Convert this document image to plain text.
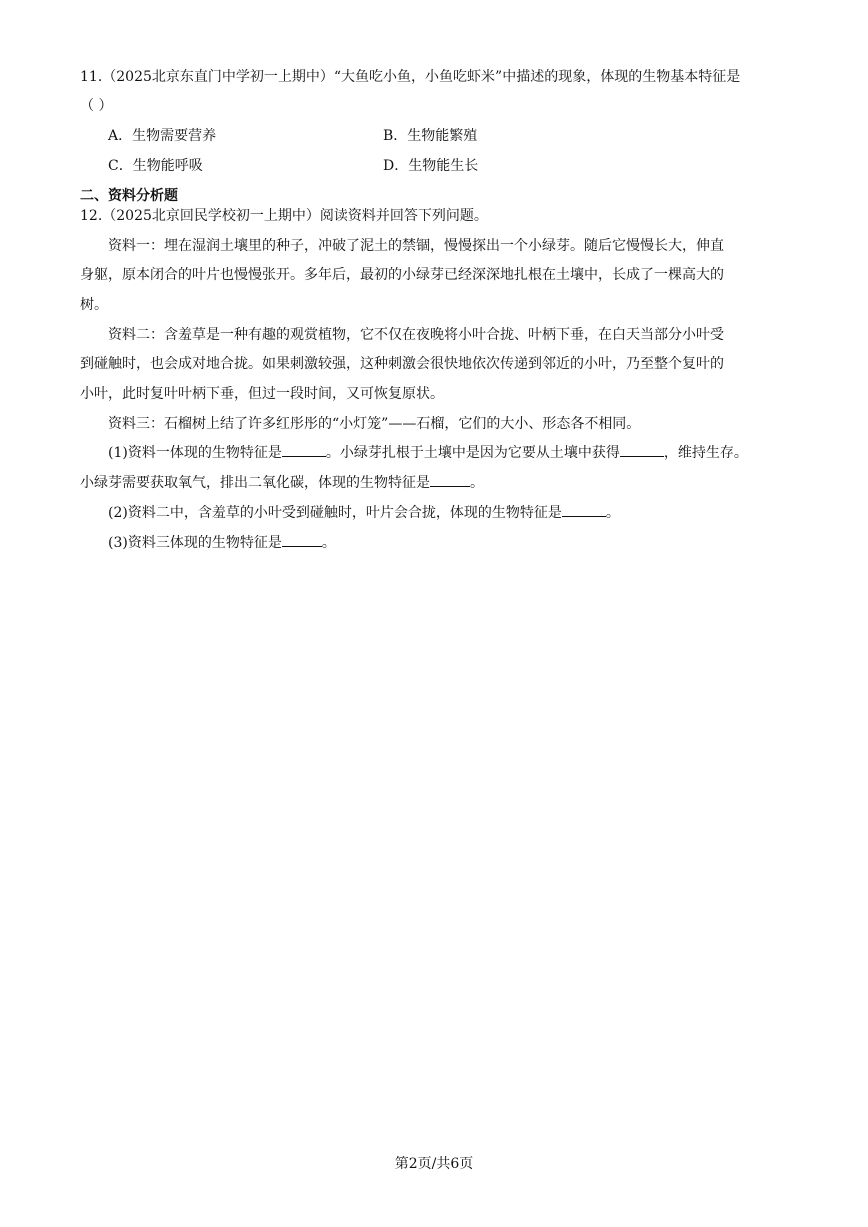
11.（2025北京东直门中学初一上期中）“大鱼吃小鱼，小鱼吃虾米”中描述的现象，体现的生物基本特征是
（ ）
A．生物需要营养	B．生物能繁殖
C．生物能呼吸	D．生物能生长
二、资料分析题
12.（2025北京回民学校初一上期中）阅读资料并回答下列问题。
资料一：埋在湿润土壤里的种子，冲破了泥土的禁锢，慢慢探出一个小绿芽。随后它慢慢长大，伸直
身躯，原本闭合的叶片也慢慢张开。多年后，最初的小绿芽已经深深地扎根在土壤中，长成了一棵高大的
树。
资料二：含羞草是一种有趣的观赏植物，它不仅在夜晚将小叶合拢、叶柄下垂，在白天当部分小叶受
到碰触时，也会成对地合拢。如果刺激较强，这种刺激会很快地依次传递到邻近的小叶，乃至整个复叶的
小叶，此时复叶叶柄下垂，但过一段时间，又可恢复原状。
资料三：石榴树上结了许多红彤彤的“小灯笼”——石榴，它们的大小、形态各不相同。
(1)资料一体现的生物特征是	。小绿芽扎根于土壤中是因为它要从土壤中获得	，维持生存。
小绿芽需要获取氧气，排出二氧化碳，体现的生物特征是	。
(2)资料二中，含羞草的小叶受到碰触时，叶片会合拢，体现的生物特征是	。
(3)资料三体现的生物特征是	。
第2页/共6页
